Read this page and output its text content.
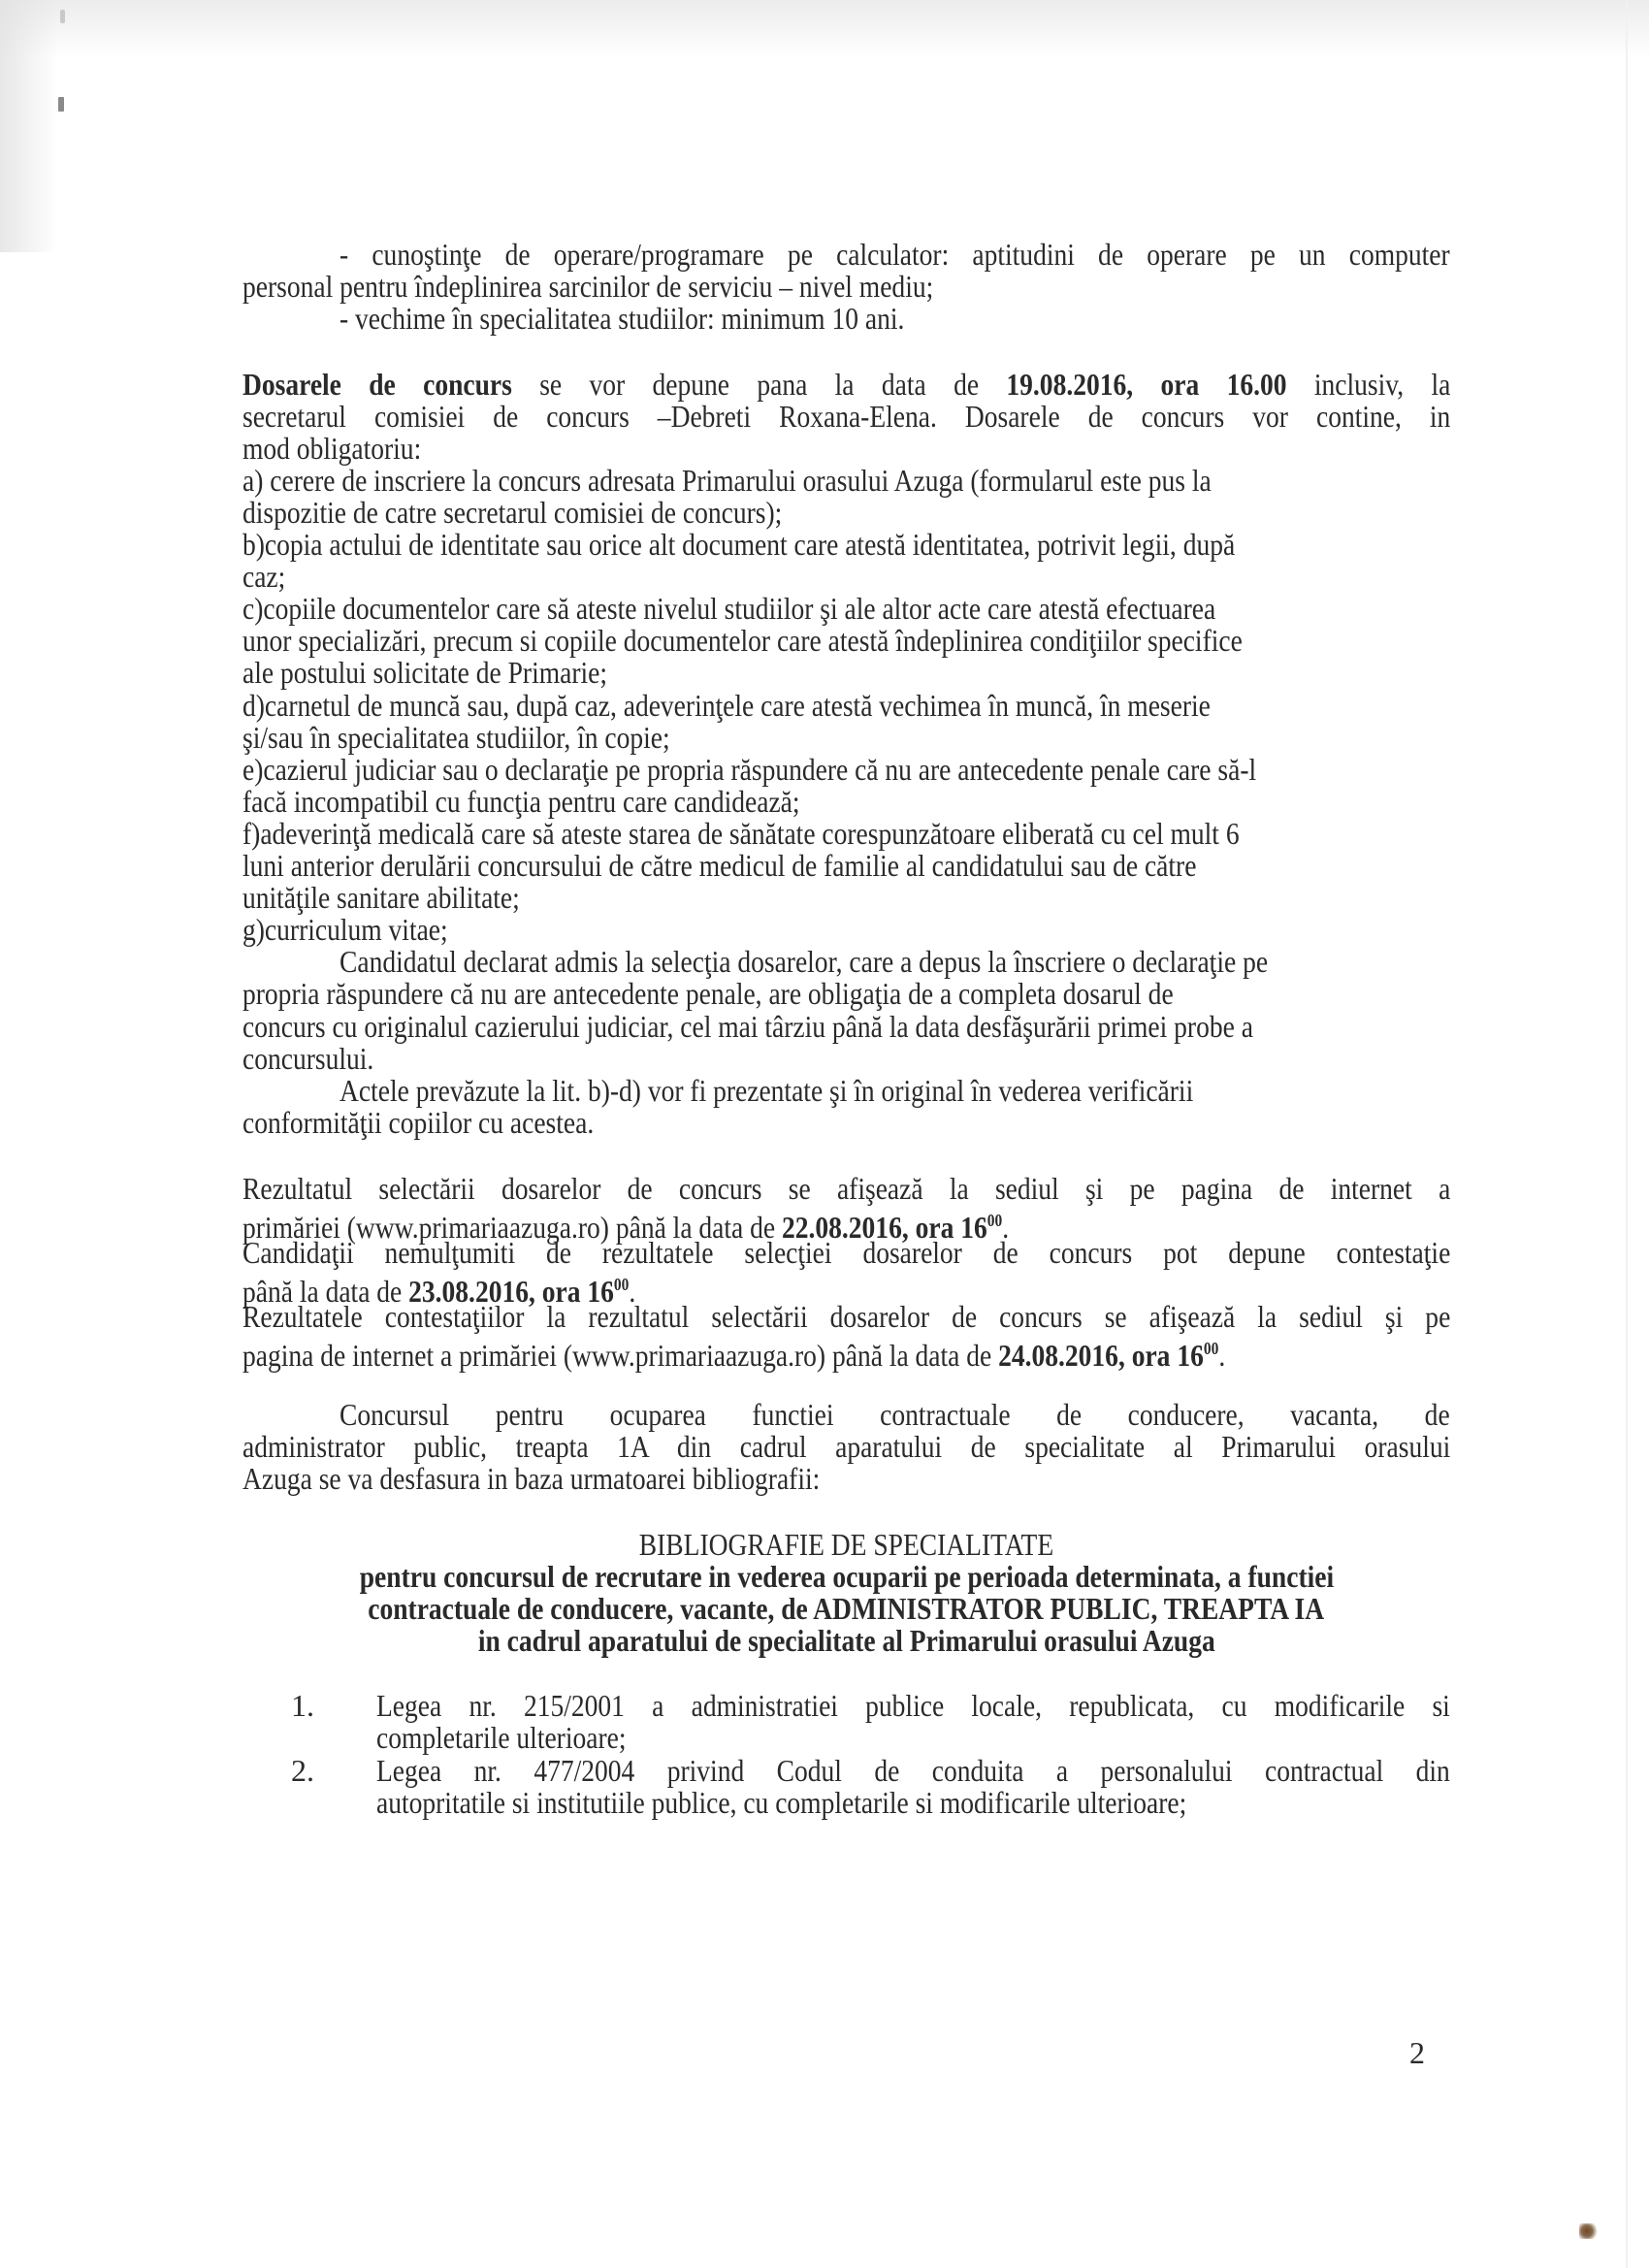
- cunoştinţe de operare/programare pe calculator: aptitudini de operare pe un computer
personal pentru îndeplinirea sarcinilor de serviciu – nivel mediu;
- vechime în specialitatea studiilor: minimum 10 ani.
Dosarele de concurs se vor depune pana la data de 19.08.2016, ora 16.00 inclusiv, la
secretarul comisiei de concurs –Debreti Roxana-Elena. Dosarele de concurs vor contine, in
mod obligatoriu:
a) cerere de inscriere la concurs adresata Primarului orasului Azuga (formularul este pus la
dispozitie de catre secretarul comisiei de concurs);
b)copia actului de identitate sau orice alt document care atestă identitatea, potrivit legii, după
caz;
c)copiile documentelor care să ateste nivelul studiilor şi ale altor acte care atestă efectuarea
unor specializări, precum si copiile documentelor care atestă îndeplinirea condiţiilor specifice
ale postului solicitate de Primarie;
d)carnetul de muncă sau, după caz, adeverinţele care atestă vechimea în muncă, în meserie
şi/sau în specialitatea studiilor, în copie;
e)cazierul judiciar sau o declaraţie pe propria răspundere că nu are antecedente penale care să-l
facă incompatibil cu funcţia pentru care candidează;
f)adeverinţă medicală care să ateste starea de sănătate corespunzătoare eliberată cu cel mult 6
luni anterior derulării concursului de către medicul de familie al candidatului sau de către
unităţile sanitare abilitate;
g)curriculum vitae;
Candidatul declarat admis la selecţia dosarelor, care a depus la înscriere o declaraţie pe
propria răspundere că nu are antecedente penale, are obligaţia de a completa dosarul de
concurs cu originalul cazierului judiciar, cel mai târziu până la data desfăşurării primei probe a
concursului.
Actele prevăzute la lit. b)-d) vor fi prezentate şi în original în vederea verificării
conformităţii copiilor cu acestea.
Rezultatul selectării dosarelor de concurs se afişează la sediul şi pe pagina de internet a
primăriei (www.primariaazuga.ro) până la data de 22.08.2016, ora $16^{00}$.
Candidaţii nemulţumiti de rezultatele selecţiei dosarelor de concurs pot depune contestaţie
până la data de 23.08.2016, ora $16^{00}$.
Rezultatele contestaţiilor la rezultatul selectării dosarelor de concurs se afişează la sediul şi pe
pagina de internet a primăriei (www.primariaazuga.ro) până la data de 24.08.2016, ora $16^{00}$.
Concursul pentru ocuparea functiei contractuale de conducere, vacanta, de
administrator public, treapta 1A din cadrul aparatului de specialitate al Primarului orasului
Azuga se va desfasura in baza urmatoarei bibliografii:
BIBLIOGRAFIE DE SPECIALITATE
pentru concursul de recrutare in vederea ocuparii pe perioada determinata, a functiei
contractuale de conducere, vacante, de ADMINISTRATOR PUBLIC, TREAPTA IA
in cadrul aparatului de specialitate al Primarului orasului Azuga
1. Legea nr. 215/2001 a administratiei publice locale, republicata, cu modificarile si
completarile ulterioare;
2. Legea nr. 477/2004 privind Codul de conduita a personalului contractual din
autopritatile si institutiile publice, cu completarile si modificarile ulterioare;
2
